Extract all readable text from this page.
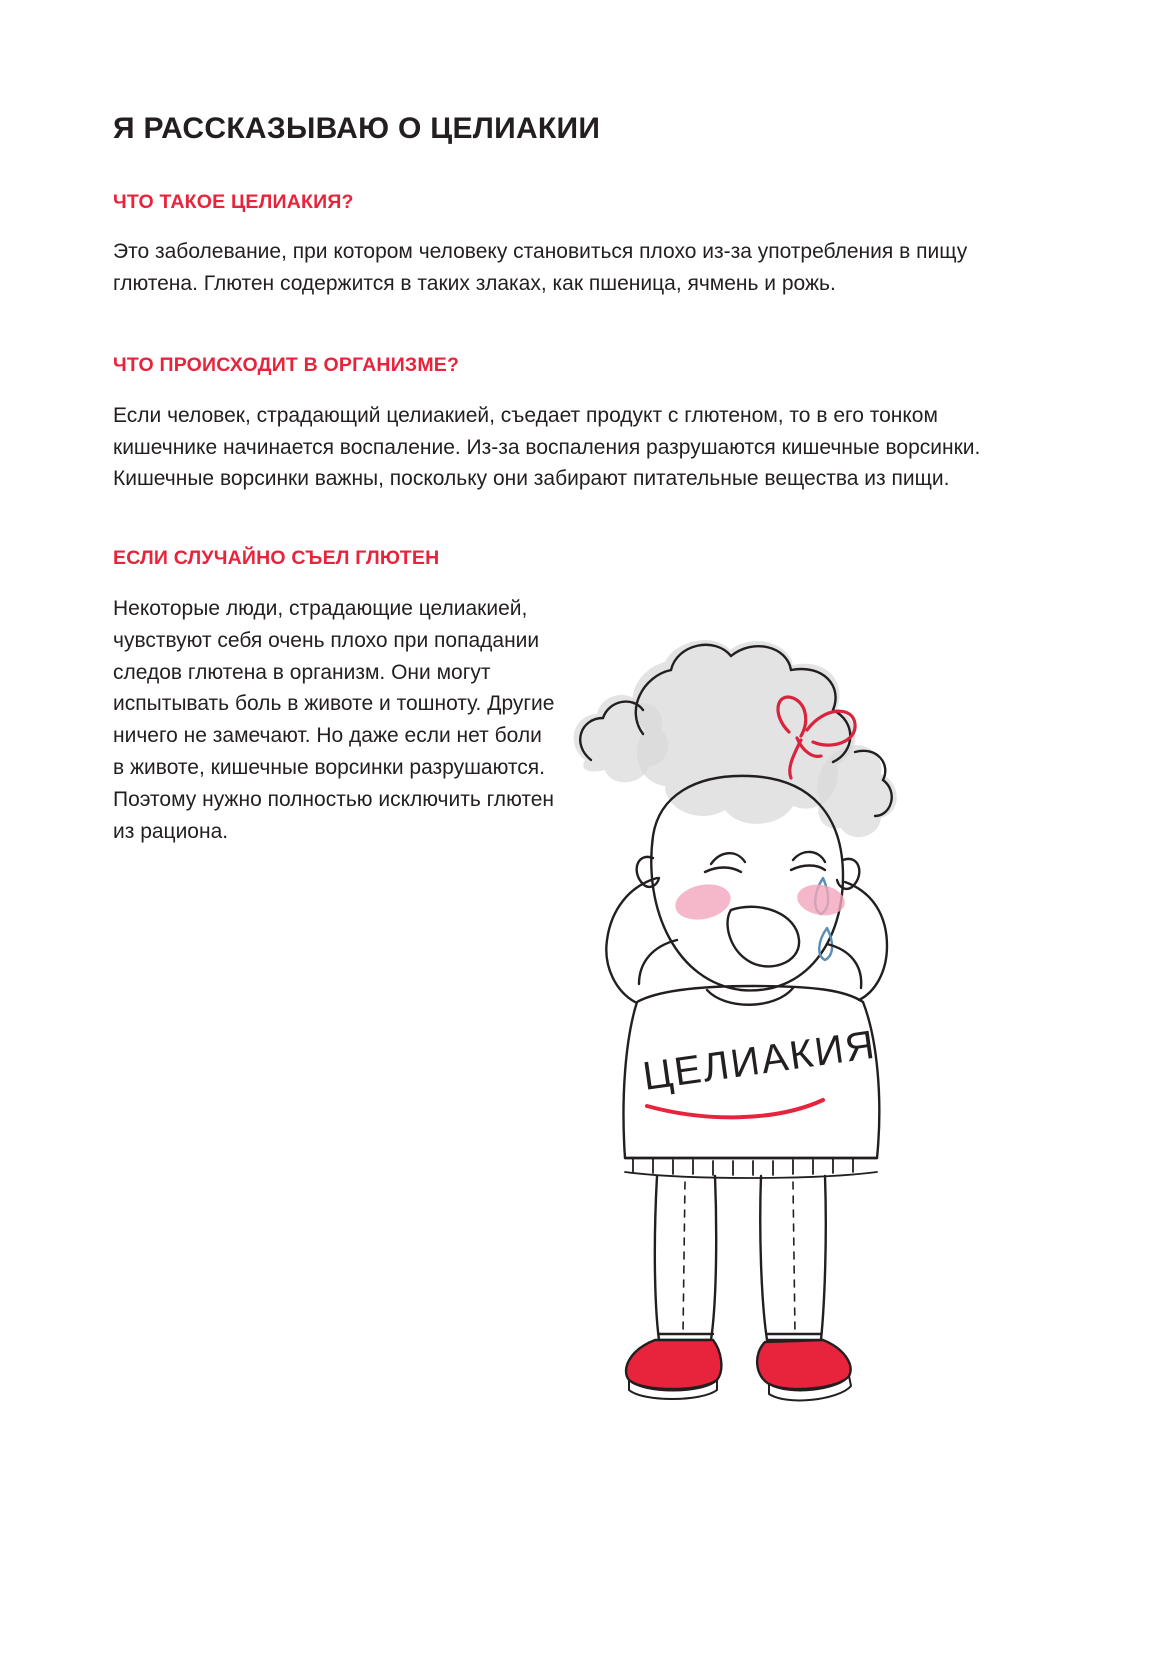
Я РАССКАЗЫВАЮ О ЦЕЛИАКИИ
ЧТО ТАКОЕ ЦЕЛИАКИЯ?

Это заболевание, при котором человеку становиться плохо из-за употребления в пищу глютена. Глютен содержится в таких злаках, как пшеница, ячмень и рожь.

ЧТО ПРОИСХОДИТ В ОРГАНИЗМЕ?

Если человек, страдающий целиакией, съедает продукт с глютеном, то в его тонком кишечнике начинается воспаление. Из-за воспаления разрушаются кишечные ворсинки. Кишечные ворсинки важны, поскольку они забирают питательные вещества из пищи.

ЕСЛИ СЛУЧАЙНО СЪЕЛ ГЛЮТЕН

Некоторые люди, страдающие целиакией, чувствуют себя очень плохо при попадании следов глютена в организм. Они могут испытывать боль в животе и тошноту. Другие ничего не замечают. Но даже если нет боли в животе, кишечные ворсинки разрушаются. Поэтому нужно полностью исключить глютен из рациона.

ЦЕЛИАКИЯ
